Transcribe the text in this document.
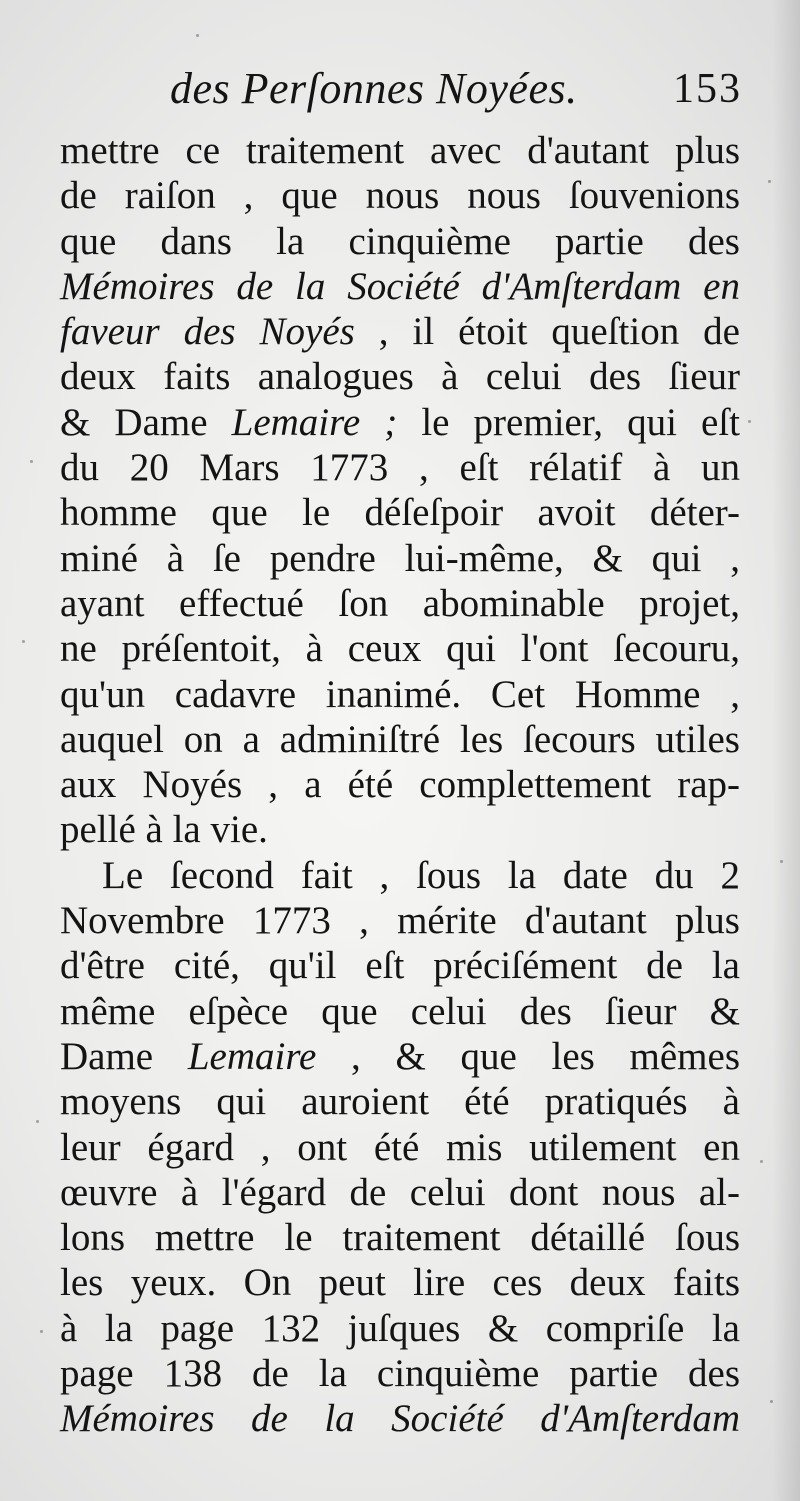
des Perſonnes Noyées. 153
mettre ce traitement avec d'autant plus
de raiſon , que nous nous ſouvenions
que dans la cinquième partie des
Mémoires de la Société d'Amſterdam en
faveur des Noyés , il étoit queſtion de
deux faits analogues à celui des ſieur
& Dame Lemaire ; le premier, qui eſt
du 20 Mars 1773 , eſt rélatif à un
homme que le déſeſpoir avoit déter-
miné à ſe pendre lui-même, & qui ,
ayant effectué ſon abominable projet,
ne préſentoit, à ceux qui l'ont ſecouru,
qu'un cadavre inanimé. Cet Homme ,
auquel on a adminiſtré les ſecours utiles
aux Noyés , a été complettement rap-
pellé à la vie.
Le ſecond fait , ſous la date du 2
Novembre 1773 , mérite d'autant plus
d'être cité, qu'il eſt préciſément de la
même eſpèce que celui des ſieur &
Dame Lemaire , & que les mêmes
moyens qui auroient été pratiqués à
leur égard , ont été mis utilement en
œuvre à l'égard de celui dont nous al-
lons mettre le traitement détaillé ſous
les yeux. On peut lire ces deux faits
à la page 132 juſques & compriſe la
page 138 de la cinquième partie des
Mémoires de la Société d'Amſterdam
